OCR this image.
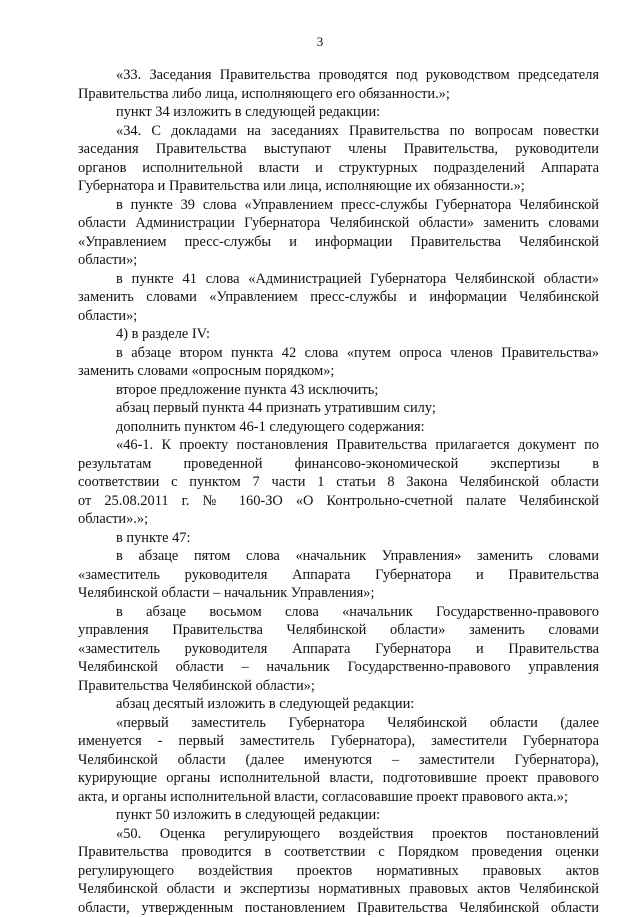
3
«33. Заседания Правительства проводятся под руководством председателя
Правительства либо лица, исполняющего его обязанности.»;
пункт 34 изложить в следующей редакции:
«34. С докладами на заседаниях Правительства по вопросам повестки
заседания Правительства выступают члены Правительства, руководители
органов исполнительной власти и структурных подразделений Аппарата
Губернатора и Правительства или лица, исполняющие их обязанности.»;
в пункте 39 слова «Управлением пресс-службы Губернатора Челябинской
области Администрации Губернатора Челябинской области» заменить словами
«Управлением пресс-службы и информации Правительства Челябинской
области»;
в пункте 41 слова «Администрацией Губернатора Челябинской области»
заменить словами «Управлением пресс-службы и информации Челябинской
области»;
4) в разделе IV:
в абзаце втором пункта 42 слова «путем опроса членов Правительства»
заменить словами «опросным порядком»;
второе предложение пункта 43 исключить;
абзац первый пункта 44 признать утратившим силу;
дополнить пунктом 46-1 следующего содержания:
«46-1. К проекту постановления Правительства прилагается документ по
результатам проведенной финансово-экономической экспертизы в
соответствии с пунктом 7 части 1 статьи 8 Закона Челябинской области
от 25.08.2011 г. № 160-ЗО «О Контрольно-счетной палате Челябинской
области».»;
в пункте 47:
в абзаце пятом слова «начальник Управления» заменить словами
«заместитель руководителя Аппарата Губернатора и Правительства
Челябинской области – начальник Управления»;
в абзаце восьмом слова «начальник Государственно-правового
управления Правительства Челябинской области» заменить словами
«заместитель руководителя Аппарата Губернатора и Правительства
Челябинской области – начальник Государственно-правового управления
Правительства Челябинской области»;
абзац десятый изложить в следующей редакции:
«первый заместитель Губернатора Челябинской области (далее
именуется - первый заместитель Губернатора), заместители Губернатора
Челябинской области (далее именуются – заместители Губернатора),
курирующие органы исполнительной власти, подготовившие проект правового
акта, и органы исполнительной власти, согласовавшие проект правового акта.»;
пункт 50 изложить в следующей редакции:
«50. Оценка регулирующего воздействия проектов постановлений
Правительства проводится в соответствии с Порядком проведения оценки
регулирующего воздействия проектов нормативных правовых актов
Челябинской области и экспертизы нормативных правовых актов Челябинской
области, утвержденным постановлением Правительства Челябинской области
